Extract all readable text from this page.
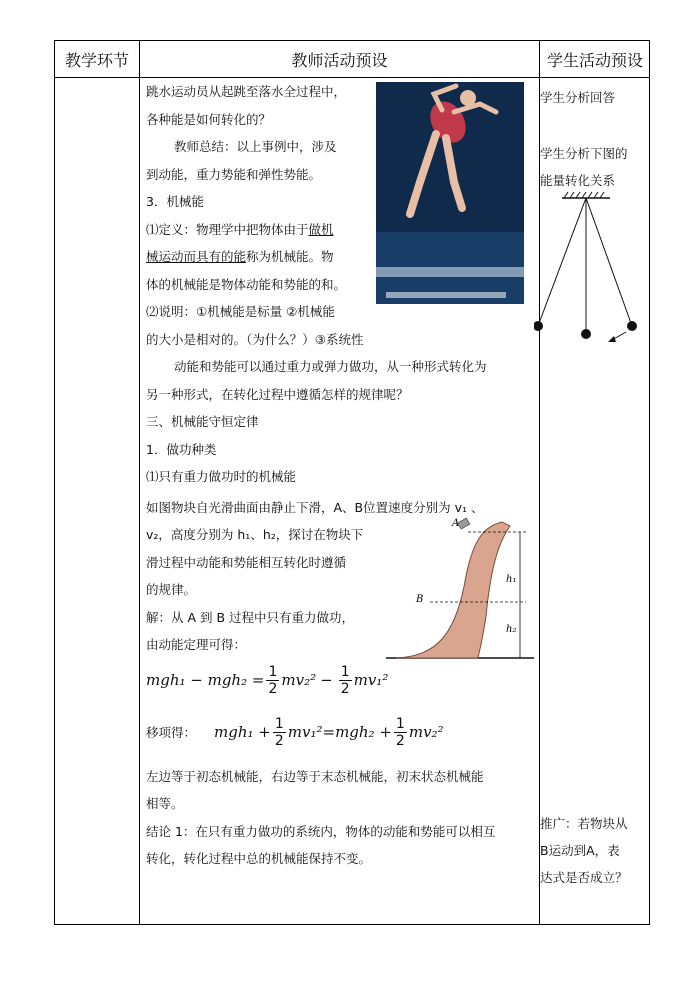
教学环节	教师活动预设	学生活动预设

跳水运动员从起跳至落水全过程中，

各种能是如何转化的？

教师总结：以上事例中，涉及

到动能，重力势能和弹性势能。

3．机械能

⑴定义：物理学中把物体由于做机

械运动而具有的能称为机械能。物

体的机械能是物体动能和势能的和。

⑵说明：①机械能是标量 ②机械能

的大小是相对的。（为什么？）③系统性

动能和势能可以通过重力或弹力做功，从一种形式转化为

另一种形式，在转化过程中遵循怎样的规律呢？

三、机械能守恒定律

1．做功种类

⑴只有重力做功时的机械能

如图物块自光滑曲面由静止下滑，A、B位置速度分别为 v₁ 、

v₂，高度分别为 h₁、h₂，探讨在物块下

滑过程中动能和势能相互转化时遵循

的规律。

解：从 A 到 B 过程中只有重力做功，

由动能定理可得：

$mgh_1 - mgh_2 = \frac{1}{2} mv_2^2 - \frac{1}{2} mv_1^2$
移项得： $mgh_1 + \frac{1}{2} mv_1^2=mgh_2 + \frac{1}{2} mv_2^2$

左边等于初态机械能，右边等于末态机械能，初末状态机械能

相等。

结论 1：在只有重力做功的系统内，物体的动能和势能可以相互

转化，转化过程中总的机械能保持不变。

A
B
h₁
h₂
学生分析回答
学生分析下图的
能量转化关系
推广：若物块从
B运动到A，表
达式是否成立？
